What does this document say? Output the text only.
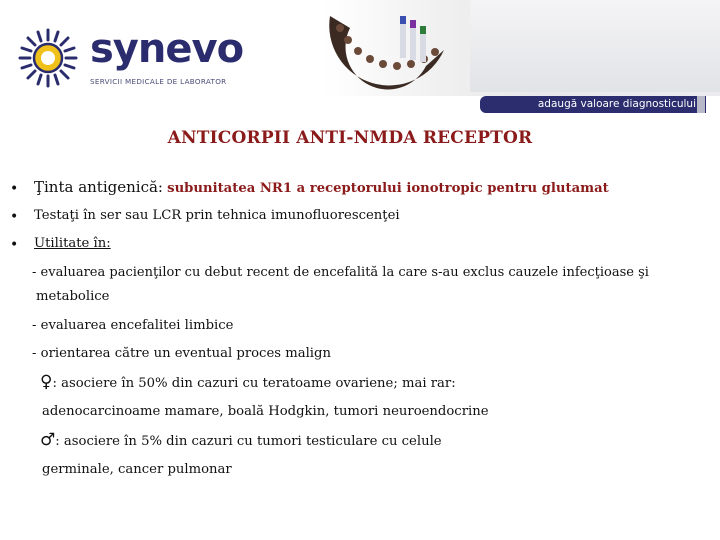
synevo
SERVICII MEDICALE DE LABORATOR
adaugă valoare diagnosticului
ANTICORPII ANTI-NMDA RECEPTOR
• Ţinta antigenică: subunitatea NR1 a receptorului ionotropic pentru glutamat
• Testaţi în ser sau LCR prin tehnica imunofluorescenţei
• Utilitate în:
- evaluarea pacienţilor cu debut recent de encefalită la care s-au exclus cauzele infecţioase şi
metabolice
- evaluarea encefalitei limbice
- orientarea către un eventual proces malign
♀: asociere în 50% din cazuri cu teratoame ovariene; mai rar:
adenocarcinoame mamare, boală Hodgkin, tumori neuroendocrine
♂: asociere în 5% din cazuri cu tumori testiculare cu celule
germinale, cancer pulmonar
